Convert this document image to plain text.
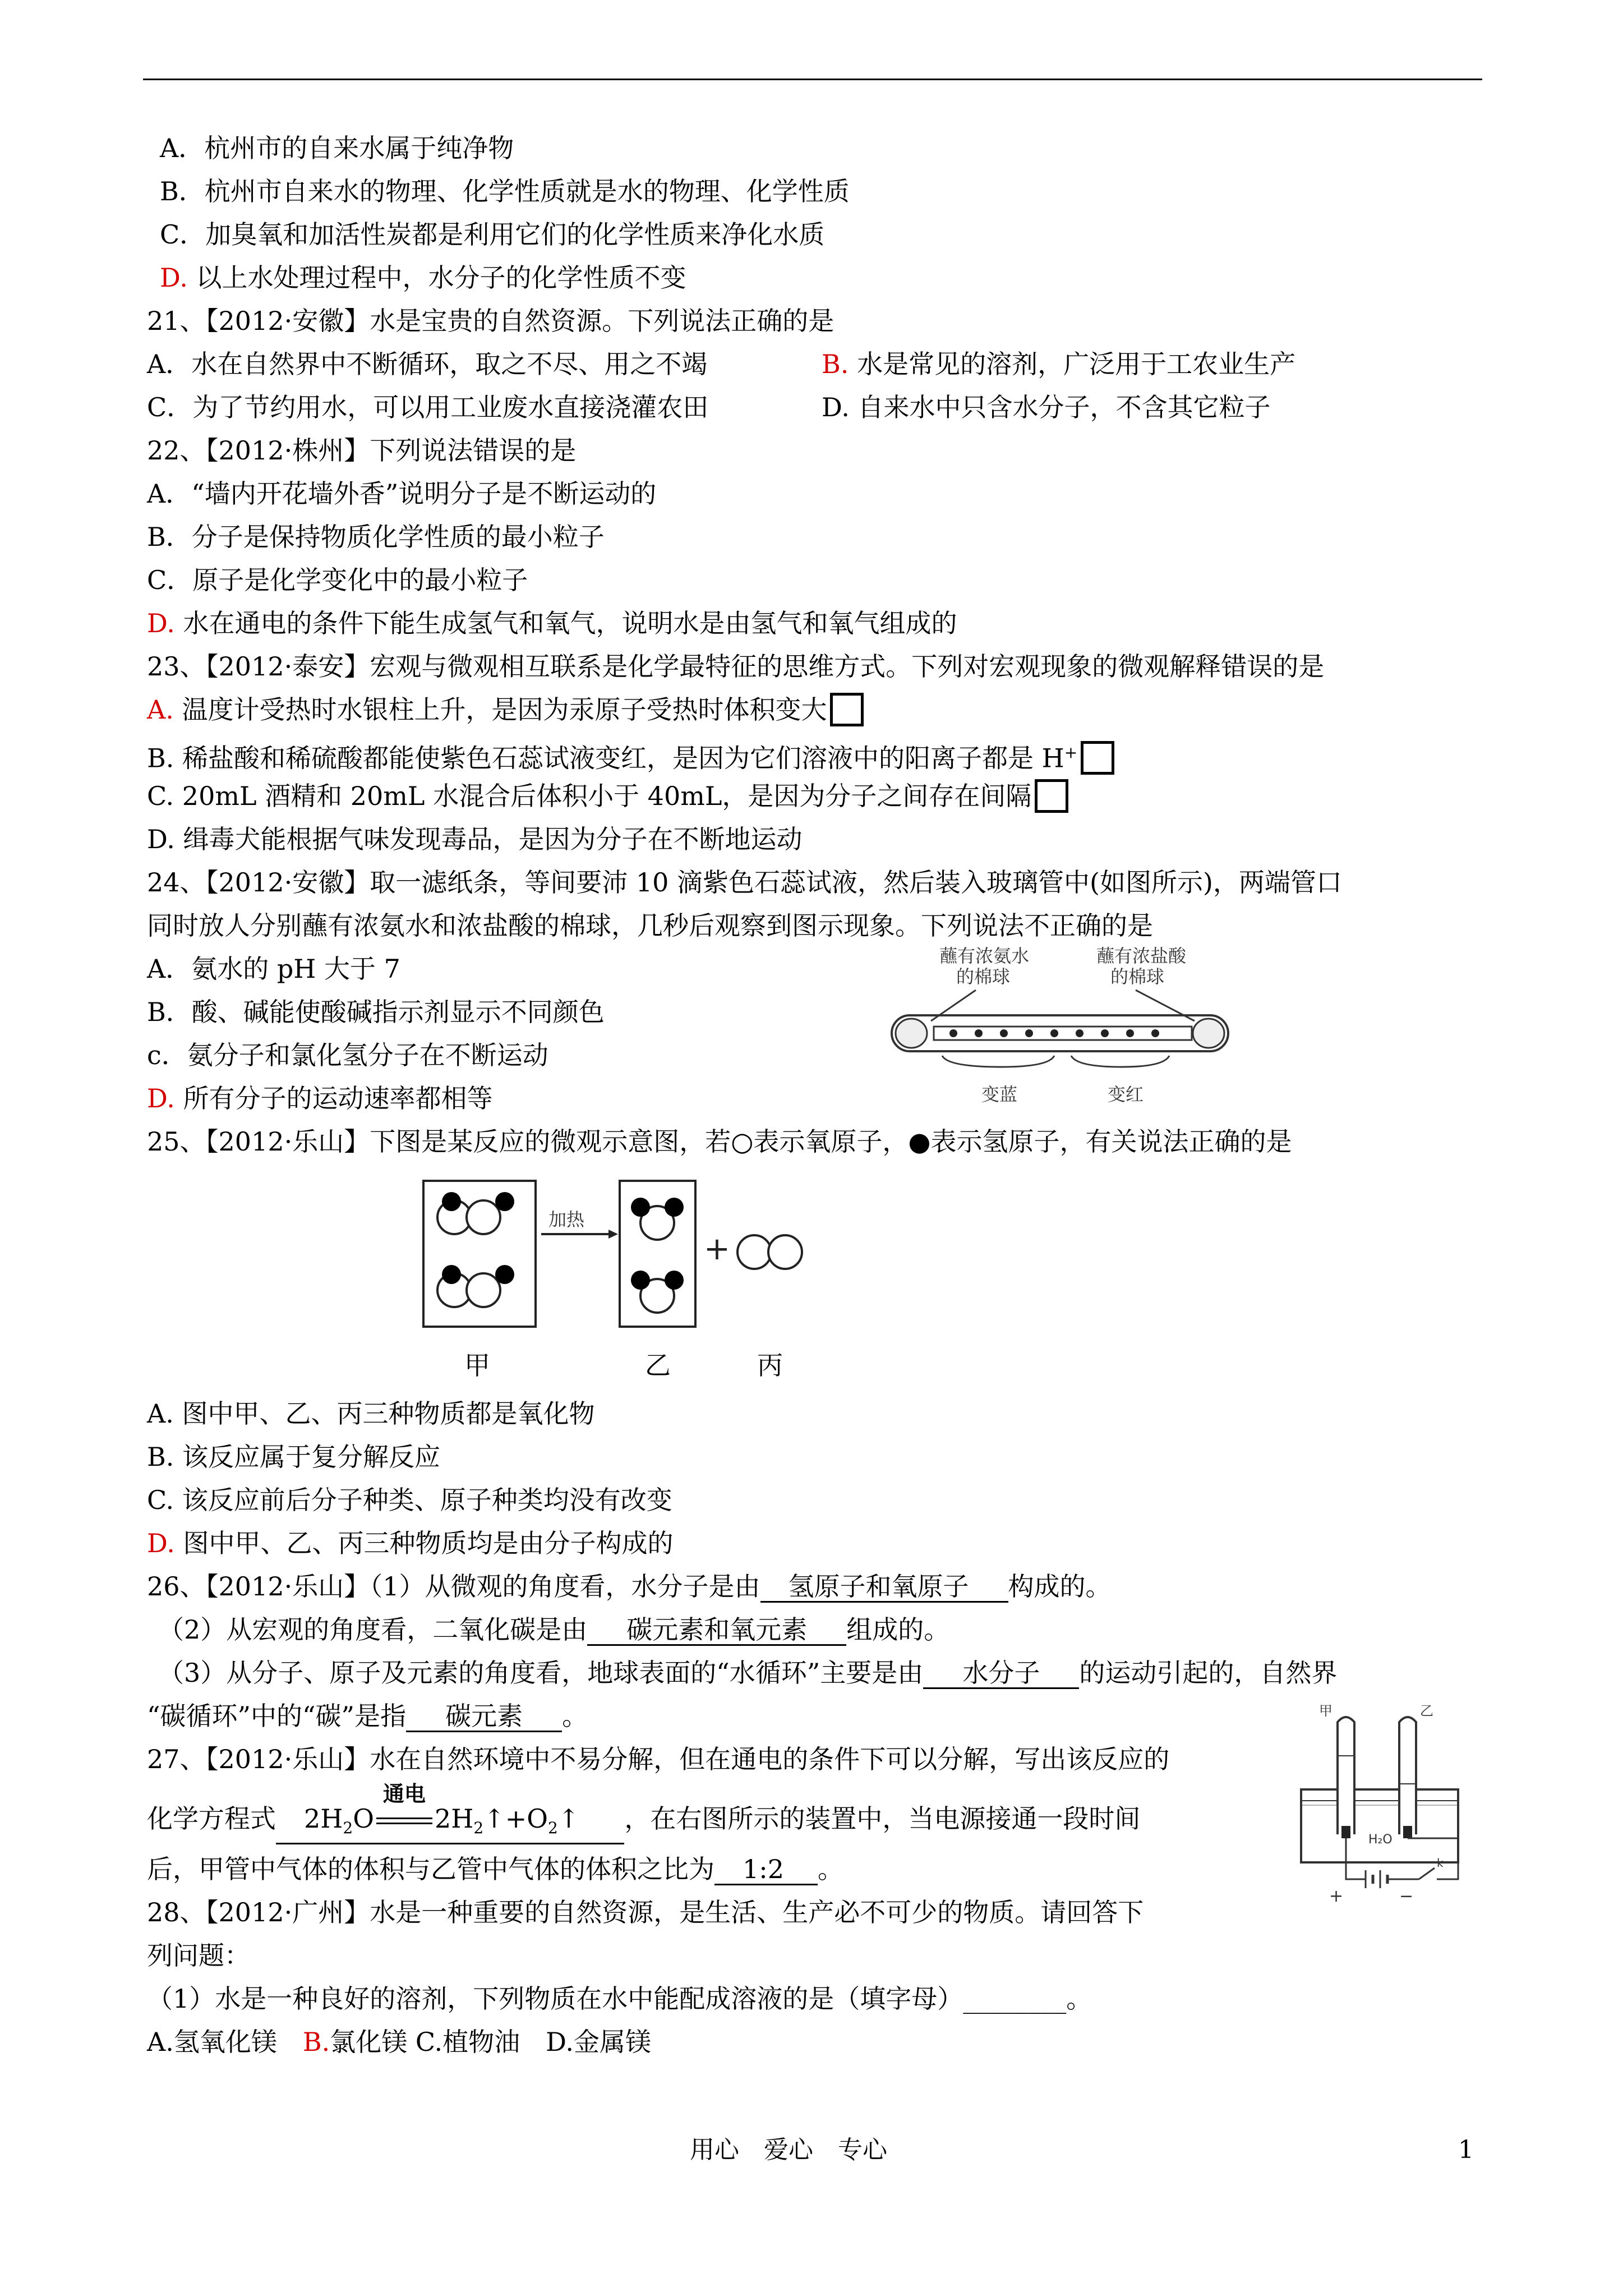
A．杭州市的自来水属于纯净物
B．杭州市自来水的物理、化学性质就是水的物理、化学性质
C．加臭氧和加活性炭都是利用它们的化学性质来净化水质
D. 以上水处理过程中，水分子的化学性质不变
21、【2012·安徽】水是宝贵的自然资源。下列说法正确的是
A．水在自然界中不断循环，取之不尽、用之不竭	B. 水是常见的溶剂，广泛用于工农业生产
C．为了节约用水，可以用工业废水直接浇灌农田	D. 自来水中只含水分子，不含其它粒子
22、【2012·株州】下列说法错误的是
A．“墙内开花墙外香”说明分子是不断运动的
B．分子是保持物质化学性质的最小粒子
C．原子是化学变化中的最小粒子
D. 水在通电的条件下能生成氢气和氧气，说明水是由氢气和氧气组成的
23、【2012·泰安】宏观与微观相互联系是化学最特征的思维方式。下列对宏观现象的微观解释错误的是
A. 温度计受热时水银柱上升，是因为汞原子受热时体积变大
B. 稀盐酸和稀硫酸都能使紫色石蕊试液变红，是因为它们溶液中的阳离子都是 H+
C. 20mL 酒精和 20mL 水混合后体积小于 40mL，是因为分子之间存在间隔
D. 缉毒犬能根据气味发现毒品，是因为分子在不断地运动
24、【2012·安徽】取一滤纸条，等间要沛 10 滴紫色石蕊试液，然后装入玻璃管中(如图所示)，两端管口
同时放人分别蘸有浓氨水和浓盐酸的棉球，几秒后观察到图示现象。下列说法不正确的是
A．氨水的 pH 大于 7
B．酸、碱能使酸碱指示剂显示不同颜色
c．氨分子和氯化氢分子在不断运动
D. 所有分子的运动速率都相等
蘸有浓氨水
的棉球
蘸有浓盐酸
的棉球
变蓝	变红
25、【2012·乐山】下图是某反应的微观示意图，若○表示氧原子，●表示氢原子，有关说法正确的是
加热
+
甲	乙	丙
A. 图中甲、乙、丙三种物质都是氧化物
B. 该反应属于复分解反应
C. 该反应前后分子种类、原子种类均没有改变
D. 图中甲、乙、丙三种物质均是由分子构成的
26、【2012·乐山】（1）从微观的角度看，水分子是由 氢原子和氧原子 构成的。
（2）从宏观的角度看，二氧化碳是由 碳元素和氧元素 组成的。
（3）从分子、原子及元素的角度看，地球表面的“水循环”主要是由 水分子 的运动引起的，自然界
“碳循环”中的“碳”是指 碳元素 。
27、【2012·乐山】水在自然环境中不易分解，但在通电的条件下可以分解，写出该反应的
化学方程式 $2H_2O$
通电
$2H_2↑+O_2↑$ ，在右图所示的装置中，当电源接通一段时间
后，甲管中气体的体积与乙管中气体的体积之比为 1:2 。
甲	乙
H₂O
k
+	−
28、【2012·广州】水是一种重要的自然资源，是生活、生产必不可少的物质。请回答下
列问题：
（1）水是一种良好的溶剂，下列物质在水中能配成溶液的是（填字母）________。
A.氢氧化镁　 B.氯化镁 C.植物油　 D.金属镁
用心　爱心　专心	1
